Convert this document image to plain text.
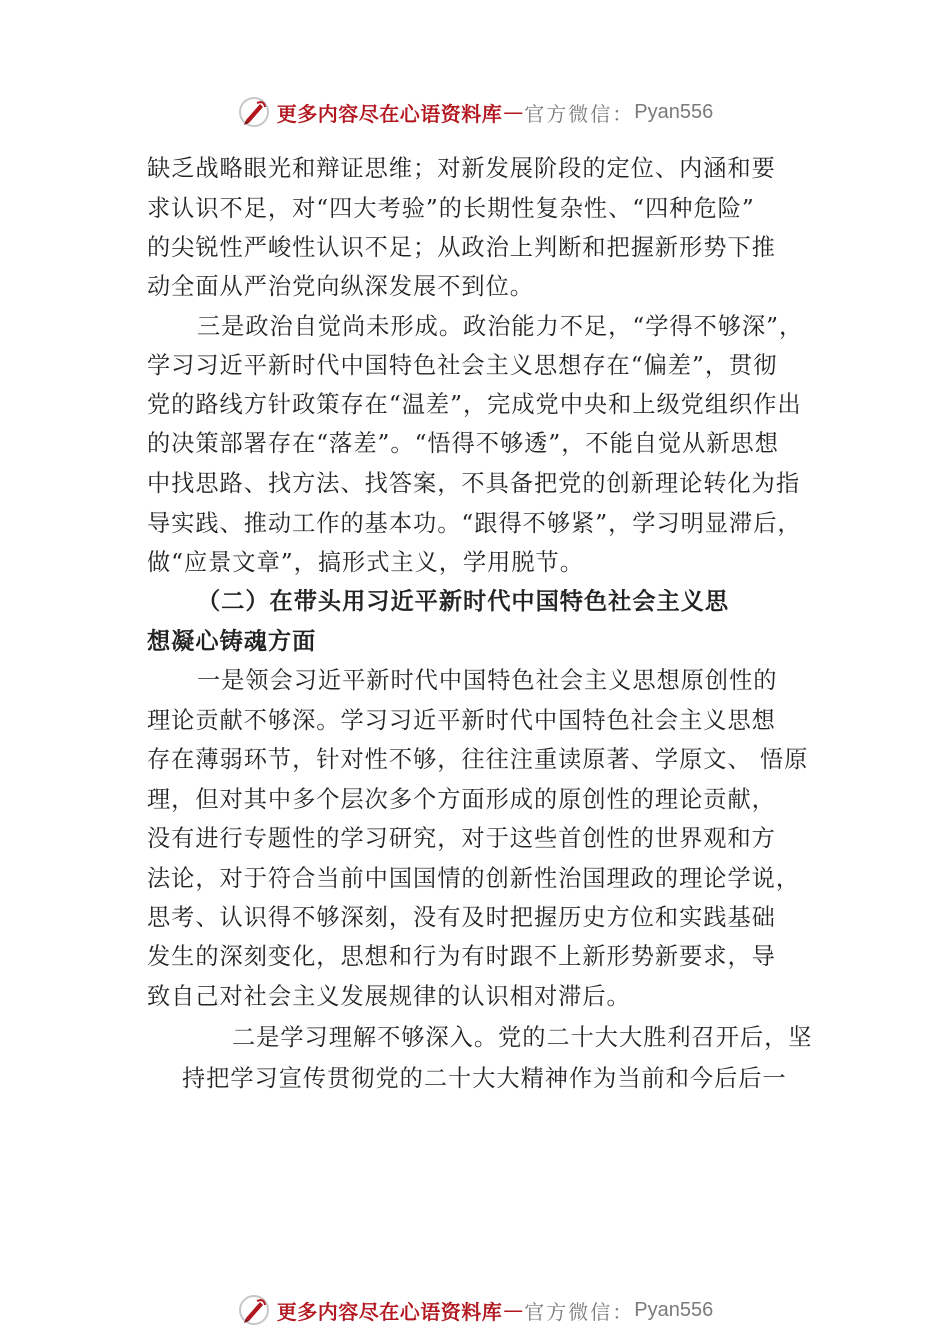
更多内容尽在心语资料库 — 官方微信： Pyan556
缺乏战略眼光和辩证思维；对新发展阶段的定位、内涵和要
求认识不足，对“四大考验”的长期性复杂性、“四种危险”
的尖锐性严峻性认识不足；从政治上判断和把握新形势下推
动全面从严治党向纵深发展不到位。
三是政治自觉尚未形成。政治能力不足，“学得不够深”，
学习习近平新时代中国特色社会主义思想存在“偏差”，贯彻
党的路线方针政策存在“温差”，完成党中央和上级党组织作出
的决策部署存在“落差”。“悟得不够透”，不能自觉从新思想
中找思路、找方法、找答案，不具备把党的创新理论转化为指
导实践、推动工作的基本功。“跟得不够紧”，学习明显滞后，
做“应景文章”，搞形式主义，学用脱节。
（二）在带头用习近平新时代中国特色社会主义思
想凝心铸魂方面
一是领会习近平新时代中国特色社会主义思想原创性的
理论贡献不够深。学习习近平新时代中国特色社会主义思想
存在薄弱环节，针对性不够，往往注重读原著、学原文、 悟原
理，但对其中多个层次多个方面形成的原创性的理论贡献，
没有进行专题性的学习研究，对于这些首创性的世界观和方
法论，对于符合当前中国国情的创新性治国理政的理论学说，
思考、认识得不够深刻，没有及时把握历史方位和实践基础
发生的深刻变化，思想和行为有时跟不上新形势新要求，导
致自己对社会主义发展规律的认识相对滞后。
二是学习理解不够深入。党的二十大大胜利召开后，坚
持把学习宣传贯彻党的二十大大精神作为当前和今后后一
更多内容尽在心语资料库 — 官方微信： Pyan556
